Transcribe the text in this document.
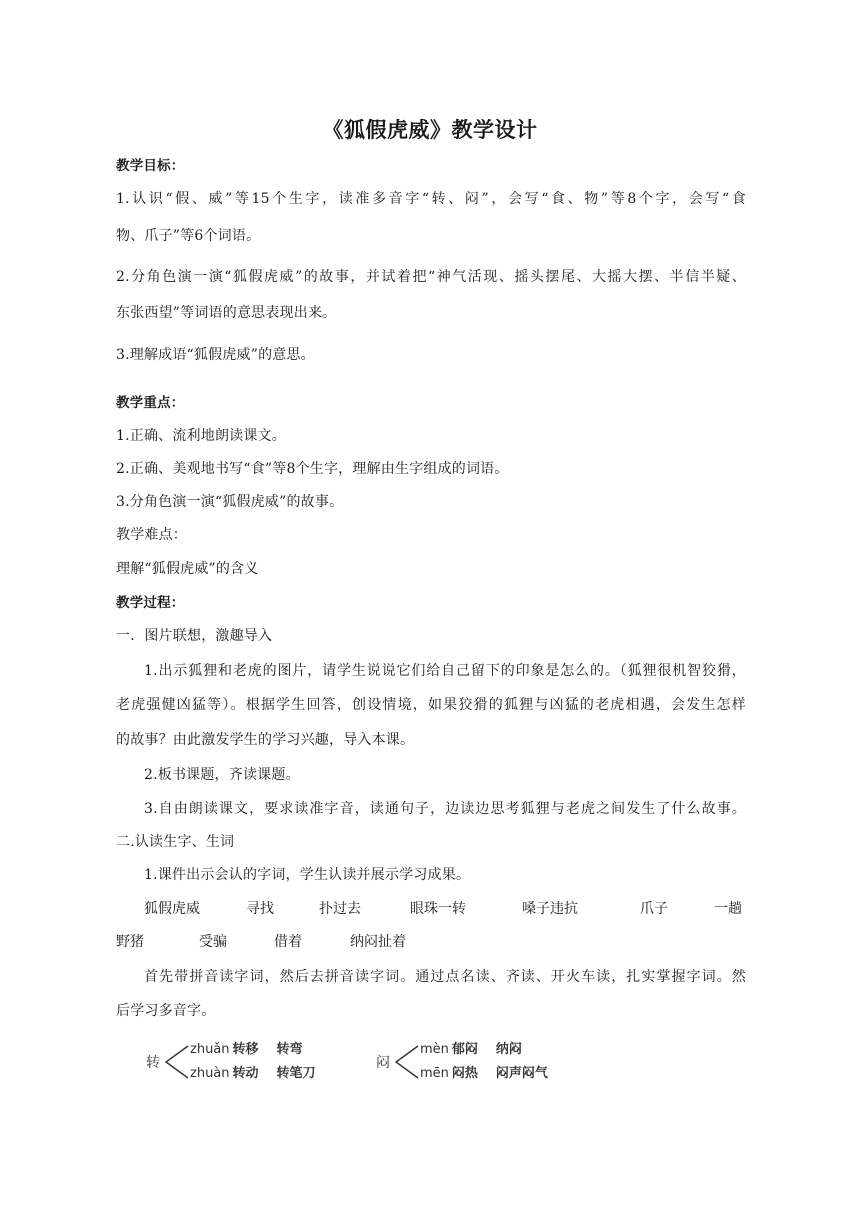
《狐假虎威》教学设计
教学目标：
1.认识“假、威”等15个生字，读准多音字“转、闷”，会写“食、物”等8个字，会写“食
物、爪子”等6个词语。
2.分角色演一演“狐假虎威”的故事，并试着把“神气活现、摇头摆尾、大摇大摆、半信半疑、
东张西望”等词语的意思表现出来。
3.理解成语“狐假虎威”的意思。
教学重点：
1.正确、流利地朗读课文。
2.正确、美观地书写“食”等8个生字，理解由生字组成的词语。
3.分角色演一演“狐假虎威”的故事。
教学难点：
理解“狐假虎威”的含义
教学过程：
一．图片联想，激趣导入
1.出示狐狸和老虎的图片，请学生说说它们给自己留下的印象是怎么的。（狐狸很机智狡猾，
老虎强健凶猛等）。根据学生回答，创设情境，如果狡猾的狐狸与凶猛的老虎相遇，会发生怎样
的故事？由此激发学生的学习兴趣，导入本课。
2.板书课题，齐读课题。
3.自由朗读课文，要求读准字音，读通句子，边读边思考狐狸与老虎之间发生了什么故事。
二.认读生字、生词
1.课件出示会认的字词，学生认读并展示学习成果。
狐假虎威	寻找	扑过去	眼珠一转	嗓子违抗	爪子	一趟
野猪	受骗	借着	纳闷扯着
首先带拼音读字词，然后去拼音读字词。通过点名读、齐读、开火车读，扎实掌握字词。然
后学习多音字。
转
zhuǎn 转移 转弯
zhuàn 转动 转笔刀
闷
mèn 郁闷 纳闷
mēn 闷热 闷声闷气
